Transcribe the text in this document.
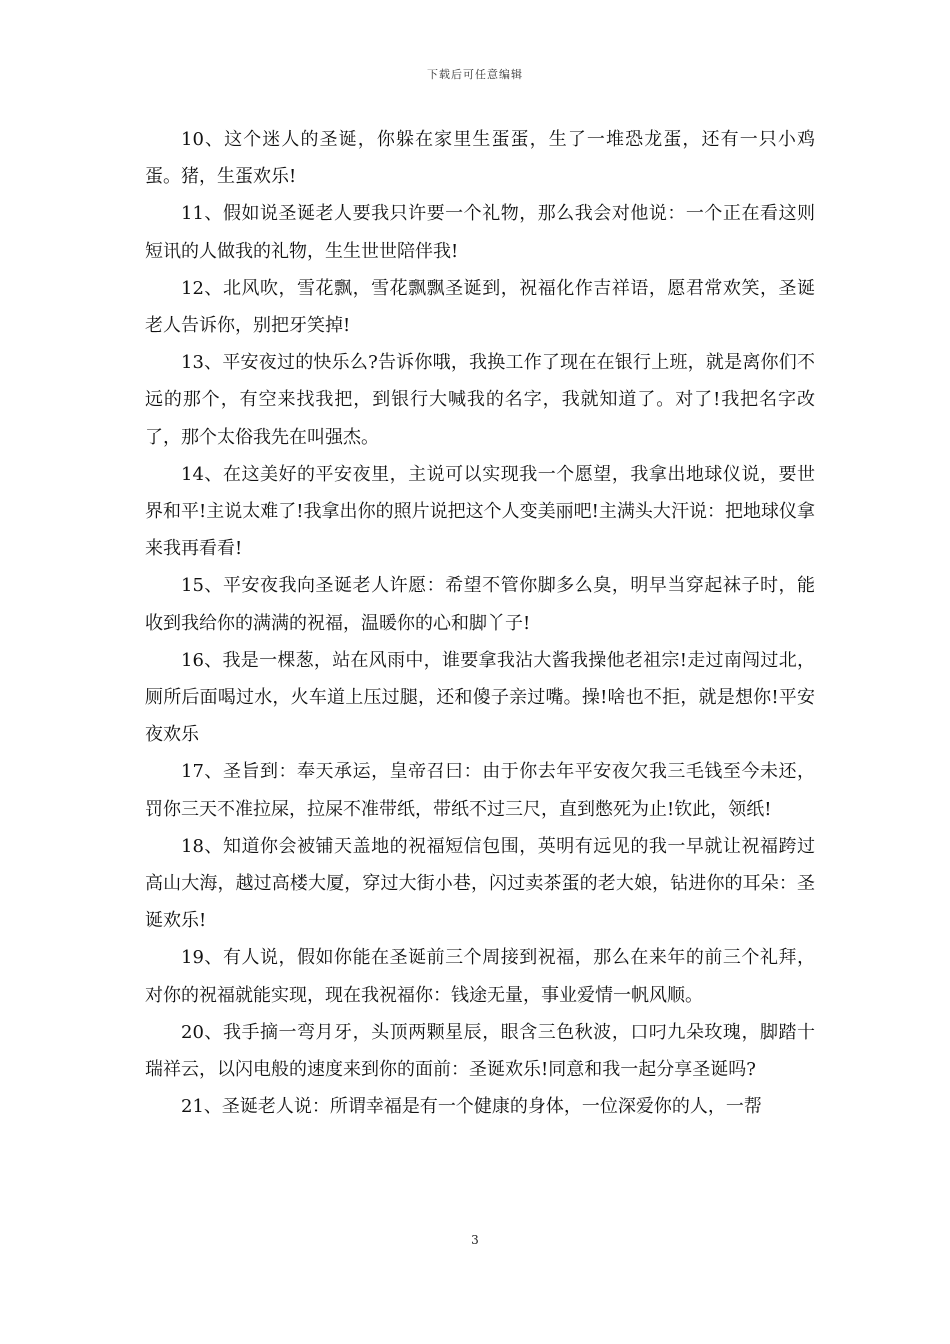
下载后可任意编辑

10、这个迷人的圣诞，你躲在家里生蛋蛋，生了一堆恐龙蛋，还有一只小鸡蛋。猪，生蛋欢乐!

11、假如说圣诞老人要我只许要一个礼物，那么我会对他说：一个正在看这则短讯的人做我的礼物，生生世世陪伴我!

12、北风吹，雪花飘，雪花飘飘圣诞到，祝福化作吉祥语，愿君常欢笑，圣诞老人告诉你，别把牙笑掉!

13、平安夜过的快乐么?告诉你哦，我换工作了现在在银行上班，就是离你们不远的那个，有空来找我把，到银行大喊我的名字，我就知道了。对了!我把名字改了，那个太俗我先在叫强杰。

14、在这美好的平安夜里，主说可以实现我一个愿望，我拿出地球仪说，要世界和平!主说太难了!我拿出你的照片说把这个人变美丽吧!主满头大汗说：把地球仪拿来我再看看!

15、平安夜我向圣诞老人许愿：希望不管你脚多么臭，明早当穿起袜子时，能收到我给你的满满的祝福，温暖你的心和脚丫子!

16、我是一棵葱，站在风雨中，谁要拿我沾大酱我操他老祖宗!走过南闯过北，厕所后面喝过水，火车道上压过腿，还和傻子亲过嘴。操!啥也不拒，就是想你!平安夜欢乐

17、圣旨到：奉天承运，皇帝召曰：由于你去年平安夜欠我三毛钱至今未还，罚你三天不准拉屎，拉屎不准带纸，带纸不过三尺，直到憋死为止!钦此，领纸!

18、知道你会被铺天盖地的祝福短信包围，英明有远见的我一早就让祝福跨过高山大海，越过高楼大厦，穿过大街小巷，闪过卖茶蛋的老大娘，钻进你的耳朵：圣诞欢乐!

19、有人说，假如你能在圣诞前三个周接到祝福，那么在来年的前三个礼拜，对你的祝福就能实现，现在我祝福你：钱途无量，事业爱情一帆风顺。

20、我手摘一弯月牙，头顶两颗星辰，眼含三色秋波，口叼九朵玫瑰，脚踏十瑞祥云，以闪电般的速度来到你的面前：圣诞欢乐!同意和我一起分享圣诞吗?

21、圣诞老人说：所谓幸福是有一个健康的身体，一位深爱你的人，一帮

3
